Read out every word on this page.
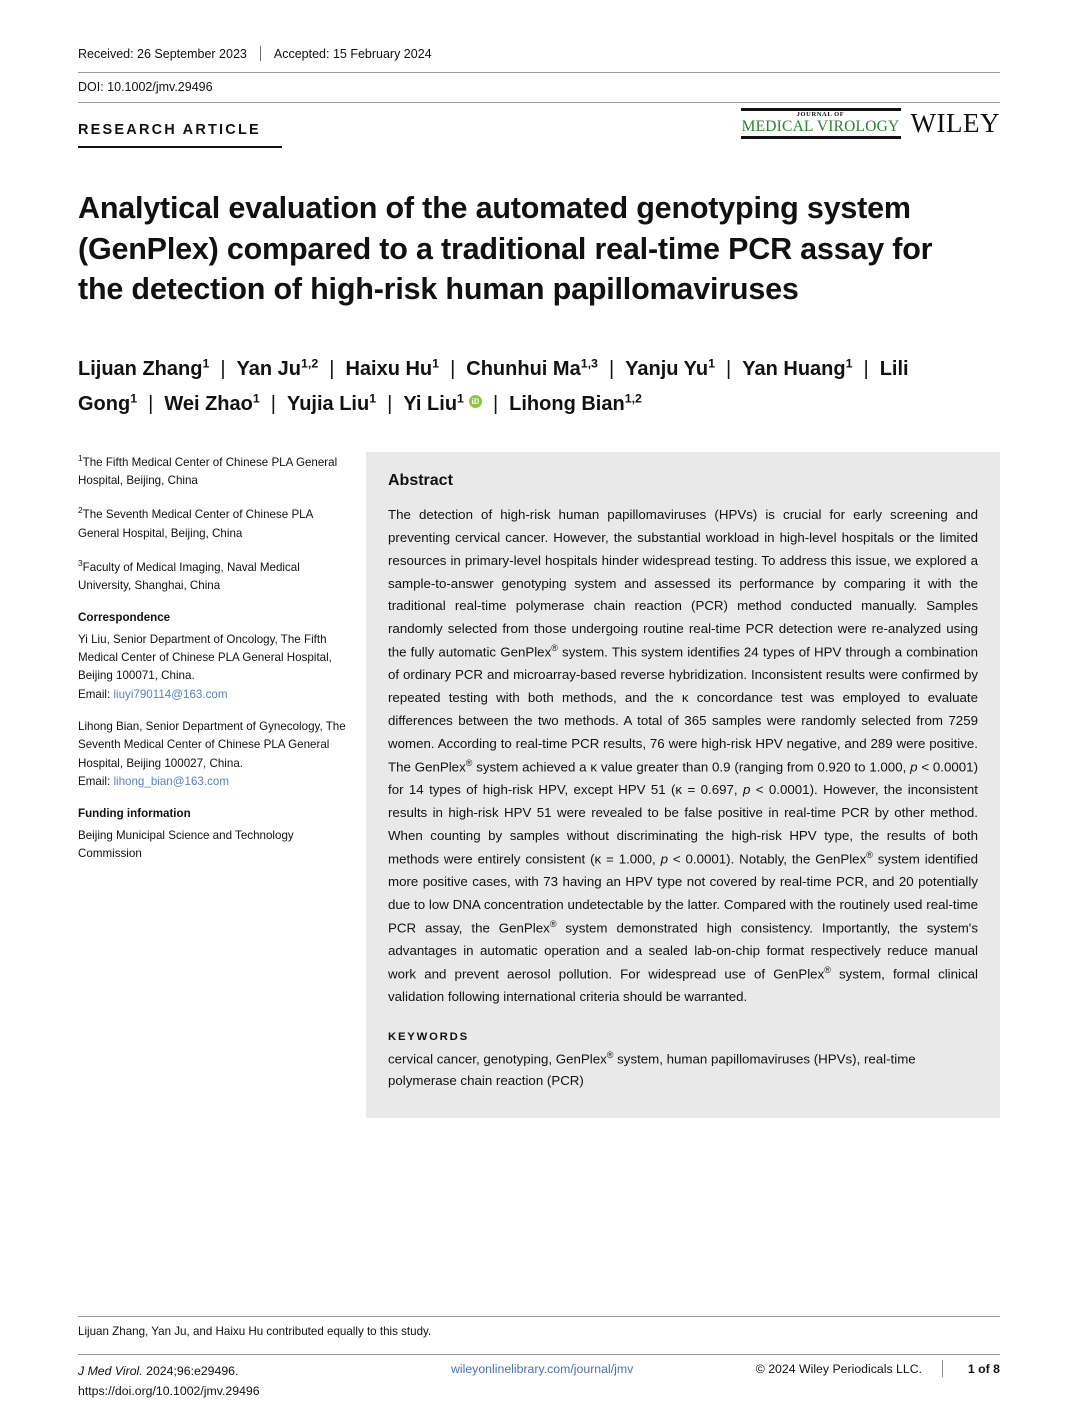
Received: 26 September 2023 Accepted: 15 February 2024
DOI: 10.1002/jmv.29496
RESEARCH ARTICLE
JOURNAL OF
MEDICAL VIROLOGY WILEY
Analytical evaluation of the automated genotyping system (GenPlex) compared to a traditional real-time PCR assay for the detection of high-risk human papillomaviruses
Lijuan Zhang$^1$ | Yan Ju$^{1,2}$ | Haixu Hu$^1$ | Chunhui Ma$^{1,3}$ | Yanju Yu$^1$ | Yan Huang$^1$ | Lili Gong$^1$ | Wei Zhao$^1$ | Yujia Liu$^1$ | Yi Liu$^1$ iD | Lihong Bian$^{1,2}$

$^1$The Fifth Medical Center of Chinese PLA General Hospital, Beijing, China

$^2$The Seventh Medical Center of Chinese PLA General Hospital, Beijing, China

$^3$Faculty of Medical Imaging, Naval Medical University, Shanghai, China

Correspondence

Yi Liu, Senior Department of Oncology, The Fifth Medical Center of Chinese PLA General Hospital, Beijing 100071, China.
Email: liuyi790114@163.com

Lihong Bian, Senior Department of Gynecology, The Seventh Medical Center of Chinese PLA General Hospital, Beijing 100027, China.
Email: lihong_bian@163.com

Funding information
Beijing Municipal Science and Technology Commission
Abstract

The detection of high-risk human papillomaviruses (HPVs) is crucial for early screening and preventing cervical cancer. However, the substantial workload in high-level hospitals or the limited resources in primary-level hospitals hinder widespread testing. To address this issue, we explored a sample-to-answer genotyping system and assessed its performance by comparing it with the traditional real-time polymerase chain reaction (PCR) method conducted manually. Samples randomly selected from those undergoing routine real-time PCR detection were re-analyzed using the fully automatic GenPlex® system. This system identifies 24 types of HPV through a combination of ordinary PCR and microarray-based reverse hybridization. Inconsistent results were confirmed by repeated testing with both methods, and the κ concordance test was employed to evaluate differences between the two methods. A total of 365 samples were randomly selected from 7259 women. According to real-time PCR results, 76 were high-risk HPV negative, and 289 were positive. The GenPlex® system achieved a κ value greater than 0.9 (ranging from 0.920 to 1.000, p < 0.0001) for 14 types of high-risk HPV, except HPV 51 (κ = 0.697, p < 0.0001). However, the inconsistent results in high-risk HPV 51 were revealed to be false positive in real-time PCR by other method. When counting by samples without discriminating the high-risk HPV type, the results of both methods were entirely consistent (κ = 1.000, p < 0.0001). Notably, the GenPlex® system identified more positive cases, with 73 having an HPV type not covered by real-time PCR, and 20 potentially due to low DNA concentration undetectable by the latter. Compared with the routinely used real-time PCR assay, the GenPlex® system demonstrated high consistency. Importantly, the system's advantages in automatic operation and a sealed lab-on-chip format respectively reduce manual work and prevent aerosol pollution. For widespread use of GenPlex® system, formal clinical validation following international criteria should be warranted.

KEYWORDS
cervical cancer, genotyping, GenPlex® system, human papillomaviruses (HPVs), real-time polymerase chain reaction (PCR)
Lijuan Zhang, Yan Ju, and Haixu Hu contributed equally to this study.
J Med Virol. 2024;96:e29496.
https://doi.org/10.1002/jmv.29496
wileyonlinelibrary.com/journal/jmv	© 2024 Wiley Periodicals LLC.	1 of 8
